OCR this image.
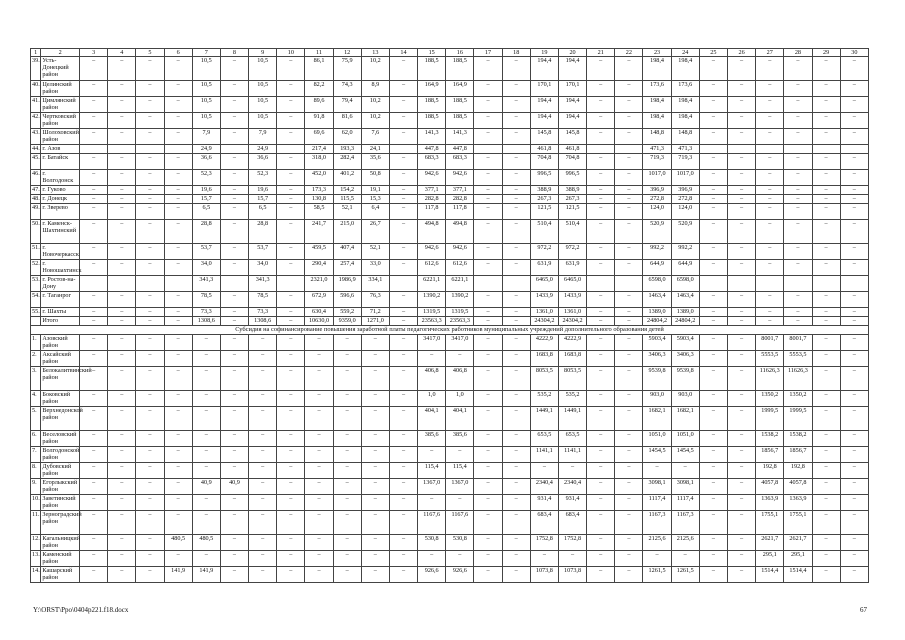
1	2	3	4	5	6	7	8	9	10	11	12	13	14	15	16	17	18	19	20	21	22	23	24	25	26	27	28	29	30
39.	Усть-Донецкий район	–	–	–	–	10,5	–	10,5	–	86,1	75,9	10,2	–	188,5	188,5	–	–	194,4	194,4	–	–	198,4	198,4	–	–	–	–	–	–
40.	Целинский район	–	–	–	–	10,5	–	10,5	–	82,2	74,3	8,9	–	164,9	164,9	–	–	170,1	170,1	–	–	173,6	173,6	–	–	–	–	–	–
41.	Цимлянский район	–	–	–	–	10,5	–	10,5	–	89,6	79,4	10,2	–	188,5	188,5	–	–	194,4	194,4	–	–	198,4	198,4	–	–	–	–	–	–
42.	Чертковский район	–	–	–	–	10,5	–	10,5	–	91,8	81,6	10,2	–	188,5	188,5	–	–	194,4	194,4	–	–	198,4	198,4	–	–	–	–	–	–
43.	Шолоховский район	–	–	–	–	7,9	–	7,9	–	69,6	62,0	7,6	–	141,3	141,3	–	–	145,8	145,8	–	–	148,8	148,8	–	–	–	–	–	–
44.	г. Азов					24,9		24,9		217,4	193,3	24,1		447,8	447,8			461,8	461,8			471,3	471,3						
45.	г. Батайск	–	–	–	–	36,6	–	36,6	–	318,0	282,4	35,6	–	683,3	683,3	–	–	704,8	704,8	–	–	719,3	719,3	–	–	–	–	–	–
46.	г. Волгодонск	–	–	–	–	52,3	–	52,3	–	452,0	401,2	50,8	–	942,6	942,6	–	–	996,5	996,5	–	–	1017,0	1017,0	–	–	–	–	–	–
47.	г. Гуково	–	–	–	–	19,6	–	19,6	–	173,3	154,2	19,1	–	377,1	377,1	–	–	388,9	388,9	–	–	396,9	396,9	–	–	–	–	–	–
48.	г. Донецк	–	–	–	–	15,7	–	15,7	–	130,8	115,5	15,3	–	282,8	282,8	–	–	267,3	267,3	–	–	272,8	272,8	–	–	–	–	–	–
49.	г. Зверево	–	–	–	–	6,5	–	6,5	–	58,5	52,1	6,4	–	117,8	117,8	–	–	121,5	121,5	–	–	124,0	124,0	–	–	–	–	–	–
50.	г. Каменск-Шахтинский	–	–	–	–	28,8	–	28,8	–	241,7	215,0	26,7	–	494,8	494,8	–	–	510,4	510,4	–	–	520,9	520,9	–	–	–	–	–	–
51.	г. Новочеркасск	–	–	–	–	53,7	–	53,7	–	459,5	407,4	52,1	–	942,6	942,6	–	–	972,2	972,2	–	–	992,2	992,2	–	–	–	–	–	–
52.	г. Новошахтинск	–	–	–	–	34,0	–	34,0	–	290,4	257,4	33,0	–	612,6	612,6	–	–	631,9	631,9	–	–	644,9	644,9	–	–	–	–	–	–
53.	г. Ростов-на-Дону					341,3		341,3		2321,0	1986,9	334,1		6221,1	6221,1			6465,0	6465,0			6598,0	6598,0						
54.	г. Таганрог	–	–	–	–	78,5	–	78,5	–	672,9	596,6	76,3	–	1390,2	1390,2	–	–	1433,9	1433,9	–	–	1463,4	1463,4	–	–	–	–	–	–
55.	г. Шахты	–	–	–	–	73,3	–	73,3	–	630,4	559,2	71,2	–	1319,5	1319,5	–	–	1361,0	1361,0	–	–	1389,0	1389,0	–	–	–	–	–	–
	Итого	–	–	–	–	1308,6	–	1308,6	–	10630,0	9359,0	1271,0	–	23563,3	23563,3	–	–	24304,2	24304,2	–	–	24804,2	24804,2	–	–	–	–	–	–
Субсидия на софинансирование повышения заработной платы педагогических работников муниципальных учреждений дополнительного образования детей																													
1.	Азовский район	–	–	–	–	–	–	–	–	–	–	–	–	3417,0	3417,0	–	–	4222,9	4222,9	–	–	5903,4	5903,4	–	–	8001,7	8001,7	–	–
2.	Аксайский район	–	–	–	–	–	–	–	–	–	–	–	–	–	–	–	–	1683,8	1683,8	–	–	3406,3	3406,3	–	–	5553,5	5553,5	–	–
3.	Белокалитвинский район	–	–	–	–	–	–	–	–	–	–	–	–	406,8	406,8	–	–	8053,5	8053,5	–	–	9539,8	9539,8	–	–	11626,3	11626,3	–	–
4.	Боковский район	–	–	–	–	–	–	–	–	–	–	–	–	1,0	1,0	–	–	535,2	535,2	–	–	903,0	903,0	–	–	1350,2	1350,2	–	–
5.	Верхнедонской район	–	–	–	–	–	–	–	–	–	–	–	–	404,1	404,1	–	–	1449,1	1449,1	–	–	1682,1	1682,1	–	–	1999,5	1999,5	–	–
6.	Веселовский район	–	–	–	–	–	–	–	–	–	–	–	–	385,6	385,6	–	–	653,5	653,5	–	–	1051,0	1051,0	–	–	1538,2	1538,2	–	–
7.	Волгодонской район	–	–	–	–	–	–	–	–	–	–	–	–	–	–	–	–	1141,1	1141,1	–	–	1454,5	1454,5	–	–	1856,7	1856,7	–	–
8.	Дубовский район	–	–	–	–	–	–	–	–	–	–	–	–	115,4	115,4	–	–	–	–	–	–	–	–	–	–	192,8	192,8	–	–
9.	Егорлыкский район	–	–	–	–	40,9	40,9	–	–	–	–	–	–	1367,0	1367,0	–	–	2340,4	2340,4	–	–	3098,1	3098,1	–	–	4057,8	4057,8	–	–
10.	Заветинский район	–	–	–	–	–	–	–	–	–	–	–	–	–	–	–	–	931,4	931,4	–	–	1117,4	1117,4	–	–	1363,9	1363,9	–	–
11.	Зерноградский район	–	–	–	–	–	–	–	–	–	–	–	–	1167,6	1167,6	–	–	683,4	683,4	–	–	1167,3	1167,3	–	–	1755,1	1755,1	–	–
12.	Кагальницкий район	–	–	–	480,5	480,5	–	–	–	–	–	–	–	530,8	530,8	–	–	1752,8	1752,8	–	–	2125,6	2125,6	–	–	2621,7	2621,7	–	–
13.	Каменский район	–	–	–	–	–	–	–	–	–	–	–	–	–	–	–	–	–	–	–	–	–	–	–	–	295,1	295,1	–	–
14.	Кашарский район	–	–	–	141,9	141,9	–	–	–	–	–	–	–	926,6	926,6	–	–	1073,8	1073,8	–	–	1261,5	1261,5	–	–	1514,4	1514,4	–	–
Y:\ORST\Ppo\0404p221.f18.docx	67
